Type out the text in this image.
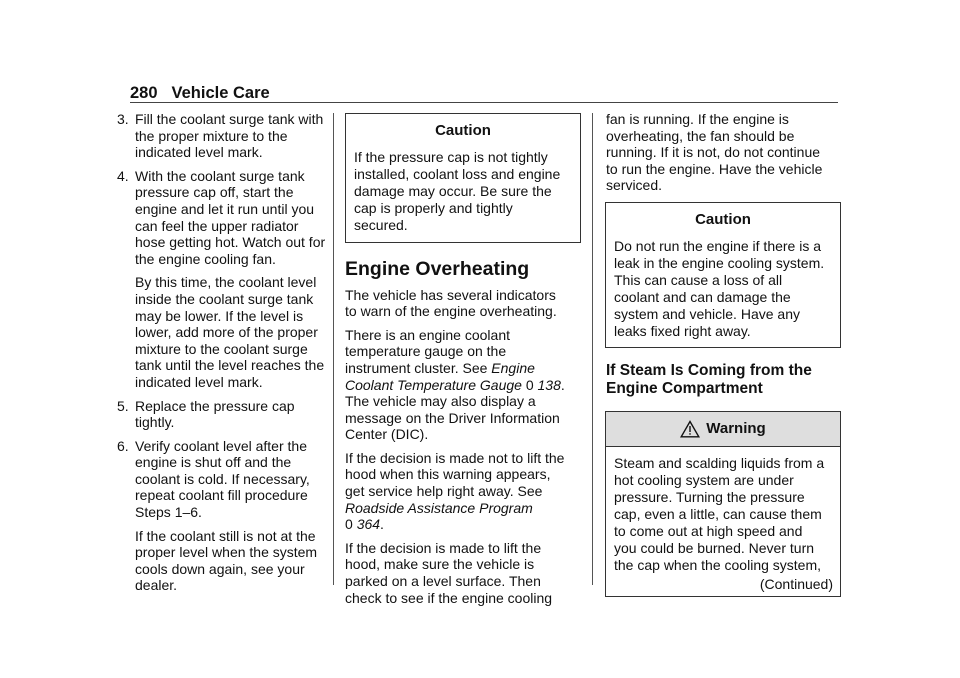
280 Vehicle Care
3. Fill the coolant surge tank with
the proper mixture to the
indicated level mark.
4. With the coolant surge tank
pressure cap off, start the
engine and let it run until you
can feel the upper radiator
hose getting hot. Watch out for
the engine cooling fan.
By this time, the coolant level
inside the coolant surge tank
may be lower. If the level is
lower, add more of the proper
mixture to the coolant surge
tank until the level reaches the
indicated level mark.
5. Replace the pressure cap
tightly.
6. Verify coolant level after the
engine is shut off and the
coolant is cold. If necessary,
repeat coolant fill procedure
Steps 1–6.
If the coolant still is not at the
proper level when the system
cools down again, see your
dealer.
Caution
If the pressure cap is not tightly
installed, coolant loss and engine
damage may occur. Be sure the
cap is properly and tightly
secured.
Engine Overheating
The vehicle has several indicators
to warn of the engine overheating.
There is an engine coolant
temperature gauge on the
instrument cluster. See Engine
Coolant Temperature Gauge 0 138.
The vehicle may also display a
message on the Driver Information
Center (DIC).
If the decision is made not to lift the
hood when this warning appears,
get service help right away. See
Roadside Assistance Program
0 364.
If the decision is made to lift the
hood, make sure the vehicle is
parked on a level surface. Then
check to see if the engine cooling
fan is running. If the engine is
overheating, the fan should be
running. If it is not, do not continue
to run the engine. Have the vehicle
serviced.
Caution
Do not run the engine if there is a
leak in the engine cooling system.
This can cause a loss of all
coolant and can damage the
system and vehicle. Have any
leaks fixed right away.
If Steam Is Coming from the
Engine Compartment
Warning
Steam and scalding liquids from a
hot cooling system are under
pressure. Turning the pressure
cap, even a little, can cause them
to come out at high speed and
you could be burned. Never turn
the cap when the cooling system,
(Continued)
